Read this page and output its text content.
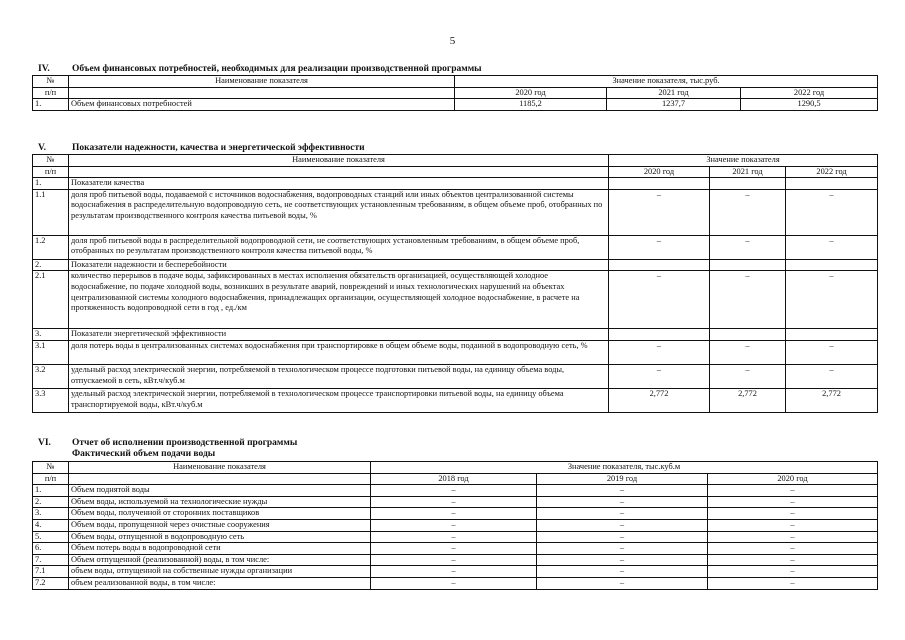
5
IV. Объем финансовых потребностей, необходимых для реализации производственной программы
№	Наименование показателя	Значение показателя, тыс.руб.		
п/п		2020 год	2021 год	2022 год
1.	Объем финансовых потребностей	1185,2	1237,7	1290,5
V.	Показатели надежности, качества и энергетической эффективности
№	Наименование показателя	Значение показателя		
п/п		2020 год	2021 год	2022 год
1.	Показатели качества			
1.1	доля проб питьевой воды, подаваемой с источников водоснабжения, водопроводных станций или иных объектов централизованной системы водоснабжения в распределительную водопроводную сеть, не соответствующих установленным требованиям, в общем объеме проб, отобранных по результатам производственного контроля качества питьевой воды, %	–	–	–
1.2	доля проб питьевой воды в распределительной водопроводной сети, не соответствующих установленным требованиям, в общем объеме проб, отобранных по результатам производственного контроля качества питьевой воды, %	–	–	–
2.	Показатели надежности и бесперебойности			
2.1	количество перерывов в подаче воды, зафиксированных в местах исполнения обязательств организацией, осуществляющей холодное водоснабжение, по подаче холодной воды, возникших в результате аварий, повреждений и иных технологических нарушений на объектах централизованной системы холодного водоснабжения, принадлежащих организации, осуществляющей холодное водоснабжение, в расчете на протяженность водопроводной сети в год , ед./км	–	–	–
3.	Показатели энергетической эффективности			
3.1	доля потерь воды в централизованных системах водоснабжения при транспортировке в общем объеме воды, поданной в водопроводную сеть, %	–	–	–
3.2	удельный расход электрической энергии, потребляемой в технологическом процессе подготовки питьевой воды, на единицу объема воды, отпускаемой в сеть, кВт.ч/куб.м	–	–	–
3.3	удельный расход электрической энергии, потребляемой в технологическом процессе транспортировки питьевой воды, на единицу объема транспортируемой воды, кВт.ч/куб.м	2,772	2,772	2,772
VI. Отчет об исполнении производственной программы
Фактический объем подачи воды
№	Наименование показателя	Значение показателя, тыс.куб.м		
п/п		2018 год	2019 год	2020 год
1.	Объем поднятой воды	–	–	–
2.	Объем воды, используемой на технологические нужды	–	–	–
3.	Объем воды, полученной от сторонних поставщиков	–	–	–
4.	Объем воды, пропущенной через очистные сооружения	–	–	–
5.	Объем воды, отпущенной в водопроводную сеть	–	–	–
6.	Объем потерь воды в водопроводной сети	–	–	–
7.	Объем отпущенной (реализованной) воды, в том числе:	–	–	–
7.1	объем воды, отпущенной на собственные нужды организации	–	–	–
7.2	объем реализованной воды, в том числе:	–	–	–
